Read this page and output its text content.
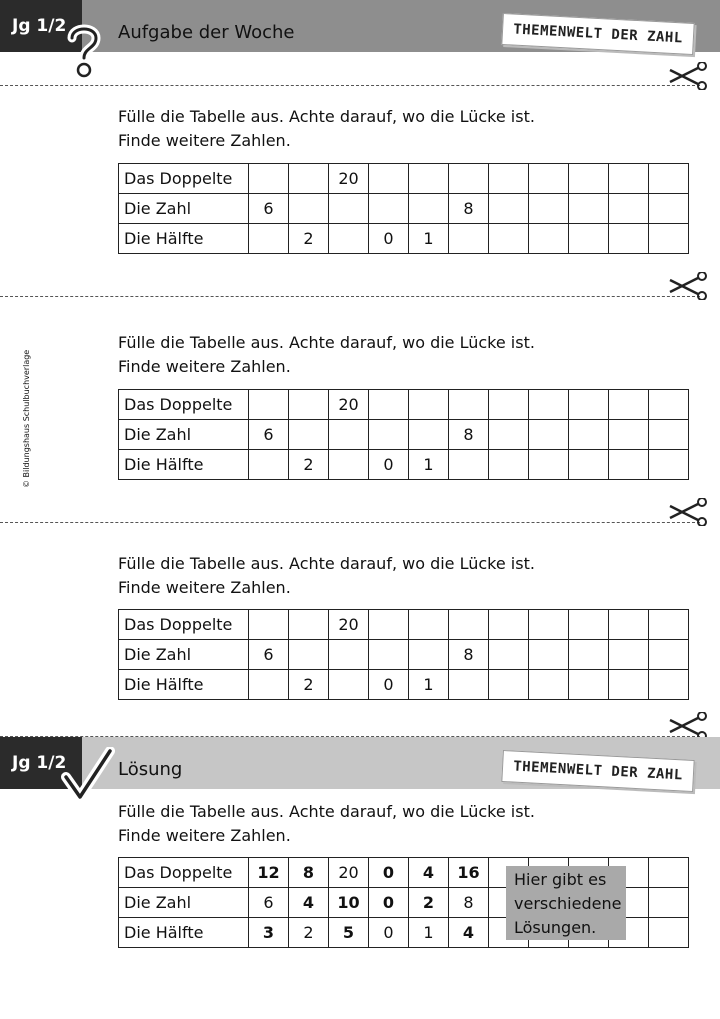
Jg 1/2	Aufgabe der Woche	THEMENWELT DER ZAHL
© Bildungshaus Schulbuchverlage
Fülle die Tabelle aus. Achte darauf, wo die Lücke ist.
Finde weitere Zahlen.
Das Doppelte			20								
Die Zahl	6					8					
Die Hälfte		2		0	1						
Fülle die Tabelle aus. Achte darauf, wo die Lücke ist.
Finde weitere Zahlen.
Das Doppelte			20								
Die Zahl	6					8					
Die Hälfte		2		0	1						
Fülle die Tabelle aus. Achte darauf, wo die Lücke ist.
Finde weitere Zahlen.
Das Doppelte			20								
Die Zahl	6					8					
Die Hälfte		2		0	1						
Jg 1/2	Lösung	THEMENWELT DER ZAHL
Fülle die Tabelle aus. Achte darauf, wo die Lücke ist.
Finde weitere Zahlen.
Das Doppelte	12	8	20	0	4	16					
Die Zahl	6	4	10	0	2	8					
Die Hälfte	3	2	5	0	1	4					
Hier gibt es
verschiedene
Lösungen.
